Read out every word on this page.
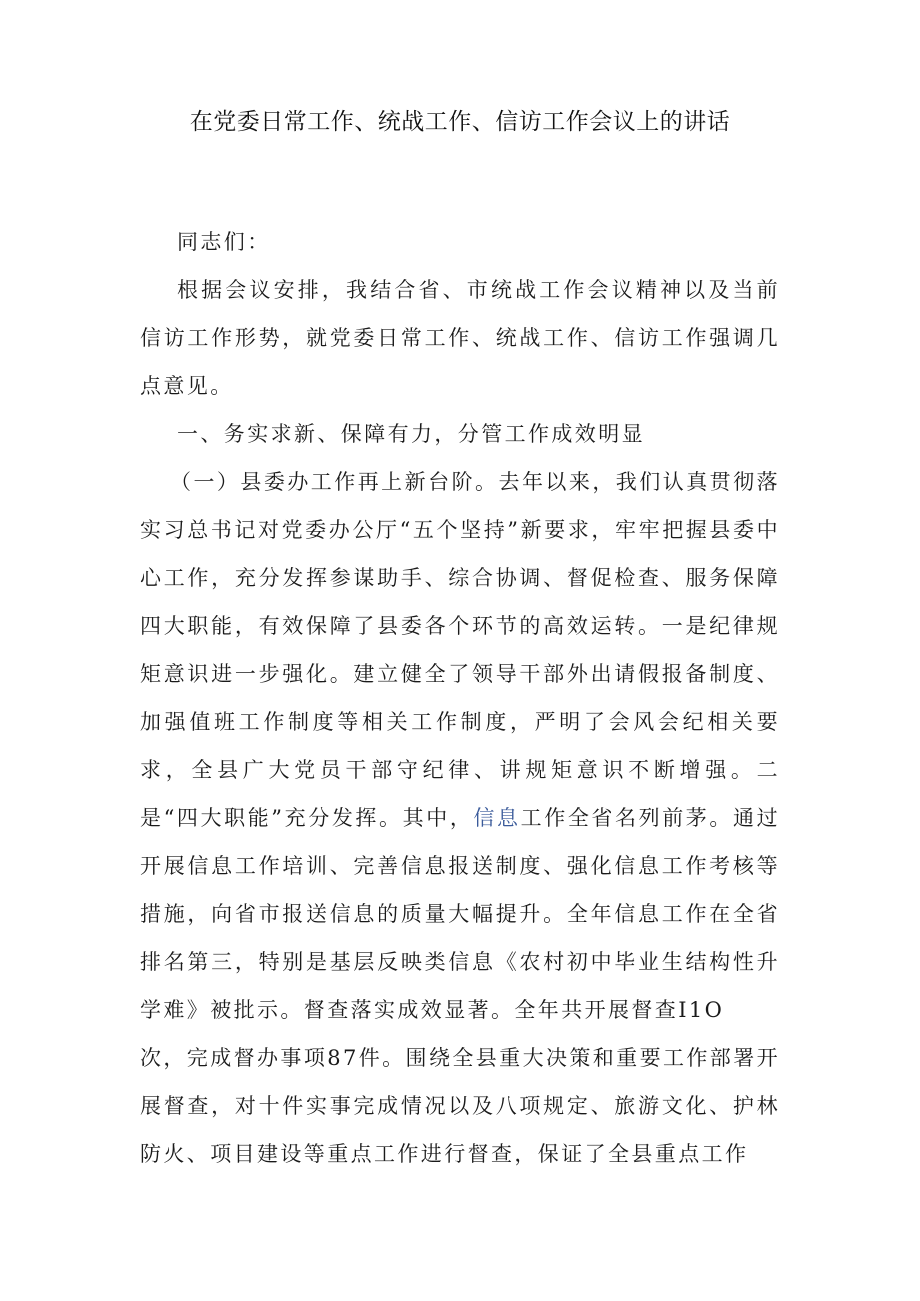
在党委日常工作、统战工作、信访工作会议上的讲话

同志们：

根据会议安排，我结合省、市统战工作会议精神以及当前信访工作形势，就党委日常工作、统战工作、信访工作强调几点意见。

一、务实求新、保障有力，分管工作成效明显

（一）县委办工作再上新台阶。去年以来，我们认真贯彻落实习总书记对党委办公厅“五个坚持”新要求，牢牢把握县委中心工作，充分发挥参谋助手、综合协调、督促检查、服务保障四大职能，有效保障了县委各个环节的高效运转。一是纪律规矩意识进一步强化。建立健全了领导干部外出请假报备制度、加强值班工作制度等相关工作制度，严明了会风会纪相关要求，全县广大党员干部守纪律、讲规矩意识不断增强。二是“四大职能”充分发挥。其中，信息工作全省名列前茅。通过开展信息工作培训、完善信息报送制度、强化信息工作考核等措施，向省市报送信息的质量大幅提升。全年信息工作在全省排名第三，特别是基层反映类信息《农村初中毕业生结构性升学难》被批示。督查落实成效显著。全年共开展督查I1O
次，完成督办事项87件。围绕全县重大决策和重要工作部署开展督查，对十件实事完成情况以及八项规定、旅游文化、护林防火、项目建设等重点工作进行督查，保证了全县重点工作
